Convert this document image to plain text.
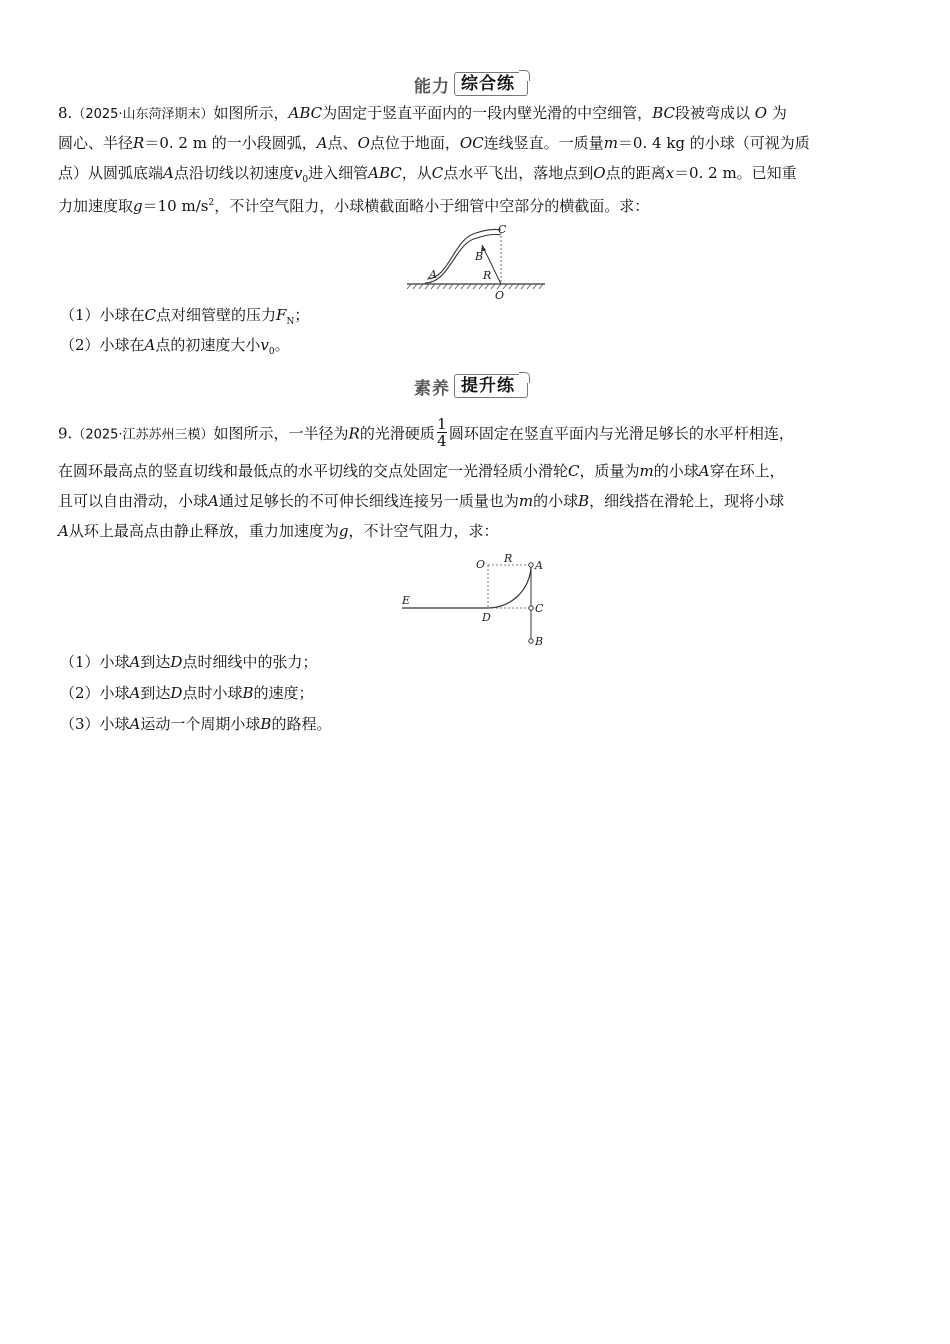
能力 综合练
8.（2025·山东菏泽期末）如图所示，ABC为固定于竖直平面内的一段内壁光滑的中空细管，BC段被弯成以 O 为
圆心、半径R＝0. 2 m 的一小段圆弧，A点、O点位于地面，OC连线竖直。一质量m＝0. 4 kg 的小球（可视为质
点）从圆弧底端A点沿切线以初速度$v_0$进入细管ABC，从C点水平飞出，落地点到O点的距离x＝0. 2 m。已知重
力加速度取g＝10 $m/s^2$，不计空气阻力，小球横截面略小于细管中空部分的横截面。求：
C
B
A	R
O
（1）小球在C点对细管壁的压力$F_N$；
（2）小球在A点的初速度大小$v_0$。
素养 提升练
9.（2025·江苏苏州三模）如图所示，一半径为R的光滑硬质 $\frac{1}{4}$ 圆环固定在竖直平面内与光滑足够长的水平杆相连，
在圆环最高点的竖直切线和最低点的水平切线的交点处固定一光滑轻质小滑轮C，质量为m的小球A穿在环上，
且可以自由滑动，小球A通过足够长的不可伸长细线连接另一质量也为m的小球B，细线搭在滑轮上，现将小球
A从环上最高点由静止释放，重力加速度为g，不计空气阻力，求：
O R
A
E
D
C
B
（1）小球A到达D点时细线中的张力；
（2）小球A到达D点时小球B的速度；
（3）小球A运动一个周期小球B的路程。
